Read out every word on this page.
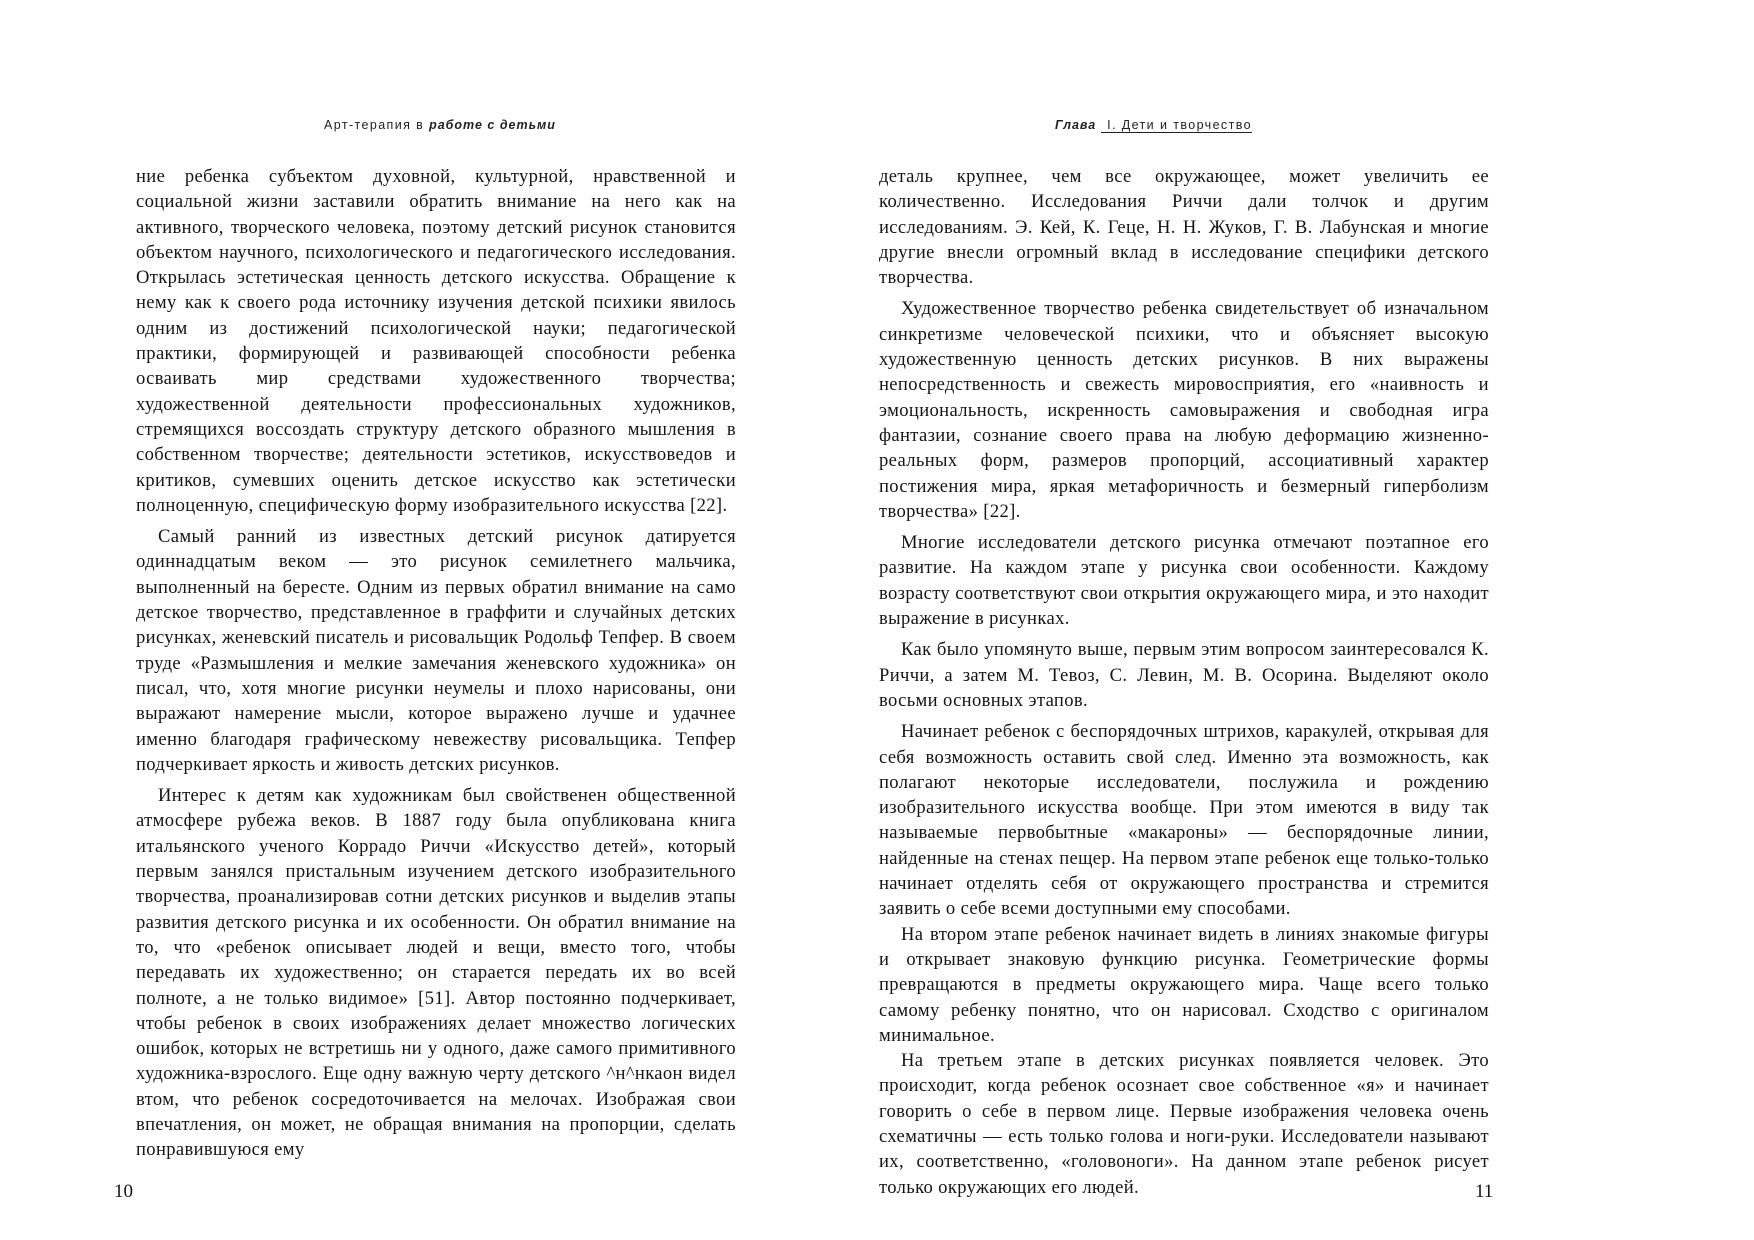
Арт-терапия в работе с детьми

ние ребенка субъектом духовной, культурной, нравственной и социальной жизни заставили обратить внимание на него как на активного, творческого человека, поэтому детский рисунок становится объектом научного, психологического и педагогического исследования. Открылась эстетическая ценность детского искусства. Обращение к нему как к своего рода источнику изучения детской психики явилось одним из достижений психологической науки; педагогической практики, формирующей и развивающей способности ребенка осваивать мир средствами художественного творчества; художественной деятельности профессиональных художников, стремящихся воссоздать структуру детского образного мышления в собственном творчестве; деятельности эстетиков, искусствоведов и критиков, сумевших оценить детское искусство как эстетически полноценную, специфическую форму изобразительного искусства [22].

Самый ранний из известных детский рисунок датируется одиннадцатым веком — это рисунок семилетнего мальчика, выполненный на бересте. Одним из первых обратил внимание на само детское творчество, представленное в граффити и случайных детских рисунках, женевский писатель и рисовальщик Родольф Тепфер. В своем труде «Размышления и мелкие замечания женевского художника» он писал, что, хотя многие рисунки неумелы и плохо нарисованы, они выражают намерение мысли, которое выражено лучше и удачнее именно благодаря графическому невежеству рисовальщика. Тепфер подчеркивает яркость и живость детских рисунков.

Интерес к детям как художникам был свойственен общественной атмосфере рубежа веков. В 1887 году была опубликована книга итальянского ученого Коррадо Риччи «Искусство детей», который первым занялся пристальным изучением детского изобразительного творчества, проанализировав сотни детских рисунков и выделив этапы развития детского рисунка и их особенности. Он обратил внимание на то, что «ребенок описывает людей и вещи, вместо того, чтобы передавать их художественно; он старается передать их во всей полноте, а не только видимое» [51]. Автор постоянно подчеркивает, чтобы ребенок в своих изображениях делает множество логических ошибок, которых не встретишь ни у одного, даже самого примитивного художника-взрослого. Еще одну важную черту детского ^н^нкаон видел втом, что ребенок сосредоточивается на мелочах. Изображая свои впечатления, он может, не обращая внимания на пропорции, сделать понравившуюся ему

10
Глава I. Дети и творчество

деталь крупнее, чем все окружающее, может увеличить ее количественно. Исследования Риччи дали толчок и другим исследованиям. Э. Кей, К. Геце, Н. Н. Жуков, Г. В. Лабунская и многие другие внесли огромный вклад в исследование специфики детского творчества.

Художественное творчество ребенка свидетельствует об изначальном синкретизме человеческой психики, что и объясняет высокую художественную ценность детских рисунков. В них выражены непосредственность и свежесть мировосприятия, его «наивность и эмоциональность, искренность самовыражения и свободная игра фантазии, сознание своего права на любую деформацию жизненно-реальных форм, размеров пропорций, ассоциативный характер постижения мира, яркая метафоричность и безмерный гиперболизм творчества» [22].

Многие исследователи детского рисунка отмечают поэтапное его развитие. На каждом этапе у рисунка свои особенности. Каждому возрасту соответствуют свои открытия окружающего мира, и это находит выражение в рисунках.

Как было упомянуто выше, первым этим вопросом заинтересовался К. Риччи, а затем М. Тевоз, С. Левин, М. В. Осорина. Выделяют около восьми основных этапов.

Начинает ребенок с беспорядочных штрихов, каракулей, открывая для себя возможность оставить свой след. Именно эта возможность, как полагают некоторые исследователи, послужила и рождению изобразительного искусства вообще. При этом имеются в виду так называемые первобытные «макароны» — беспорядочные линии, найденные на стенах пещер. На первом этапе ребенок еще только-только начинает отделять себя от окружающего пространства и стремится заявить о себе всеми доступными ему способами.

На втором этапе ребенок начинает видеть в линиях знакомые фигуры и открывает знаковую функцию рисунка. Геометрические формы превращаются в предметы окружающего мира. Чаще всего только самому ребенку понятно, что он нарисовал. Сходство с оригиналом минимальное.

На третьем этапе в детских рисунках появляется человек. Это происходит, когда ребенок осознает свое собственное «я» и начинает говорить о себе в первом лице. Первые изображения человека очень схематичны — есть только голова и ноги-руки. Исследователи называют их, соответственно, «головоноги». На данном этапе ребенок рисует только окружающих его людей.	11
